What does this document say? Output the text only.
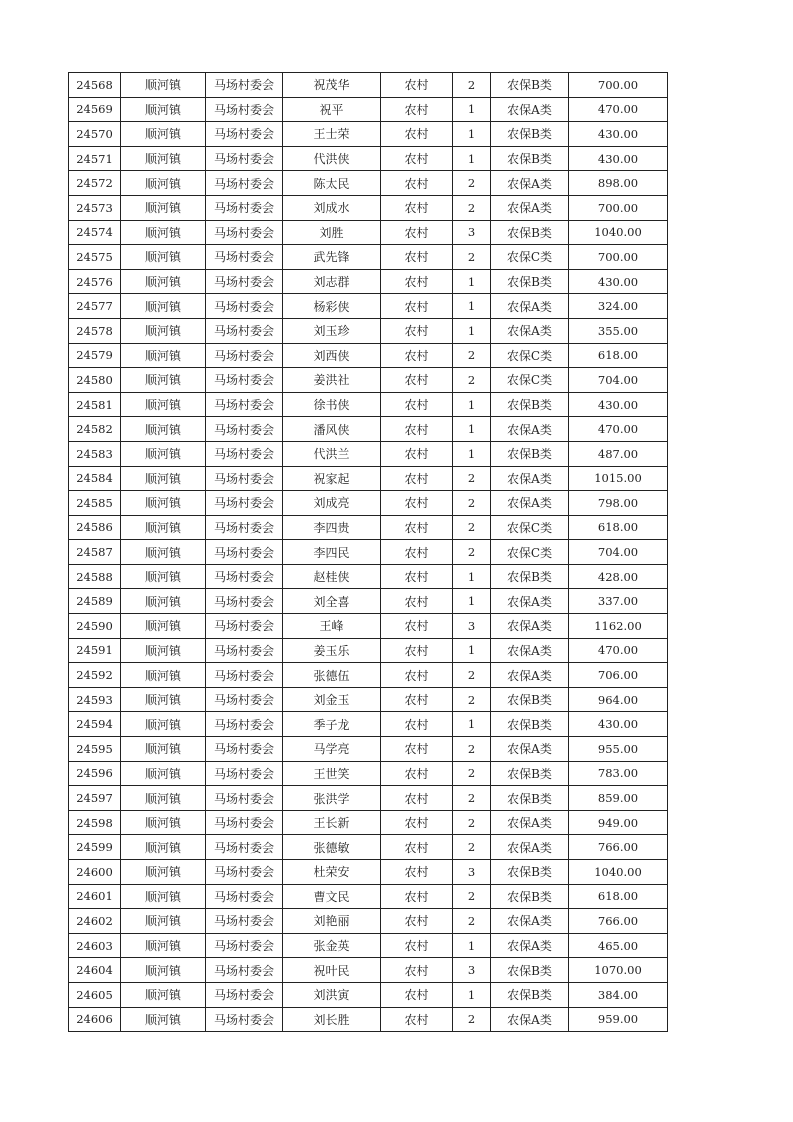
24568	顺河镇	马场村委会	祝茂华	农村	2	农保B类	700.00
24569	顺河镇	马场村委会	祝平	农村	1	农保A类	470.00
24570	顺河镇	马场村委会	王士荣	农村	1	农保B类	430.00
24571	顺河镇	马场村委会	代洪侠	农村	1	农保B类	430.00
24572	顺河镇	马场村委会	陈太民	农村	2	农保A类	898.00
24573	顺河镇	马场村委会	刘成水	农村	2	农保A类	700.00
24574	顺河镇	马场村委会	刘胜	农村	3	农保B类	1040.00
24575	顺河镇	马场村委会	武先锋	农村	2	农保C类	700.00
24576	顺河镇	马场村委会	刘志群	农村	1	农保B类	430.00
24577	顺河镇	马场村委会	杨彩侠	农村	1	农保A类	324.00
24578	顺河镇	马场村委会	刘玉珍	农村	1	农保A类	355.00
24579	顺河镇	马场村委会	刘西侠	农村	2	农保C类	618.00
24580	顺河镇	马场村委会	姜洪社	农村	2	农保C类	704.00
24581	顺河镇	马场村委会	徐书侠	农村	1	农保B类	430.00
24582	顺河镇	马场村委会	潘风侠	农村	1	农保A类	470.00
24583	顺河镇	马场村委会	代洪兰	农村	1	农保B类	487.00
24584	顺河镇	马场村委会	祝家起	农村	2	农保A类	1015.00
24585	顺河镇	马场村委会	刘成亮	农村	2	农保A类	798.00
24586	顺河镇	马场村委会	李四贵	农村	2	农保C类	618.00
24587	顺河镇	马场村委会	李四民	农村	2	农保C类	704.00
24588	顺河镇	马场村委会	赵桂侠	农村	1	农保B类	428.00
24589	顺河镇	马场村委会	刘全喜	农村	1	农保A类	337.00
24590	顺河镇	马场村委会	王峰	农村	3	农保A类	1162.00
24591	顺河镇	马场村委会	姜玉乐	农村	1	农保A类	470.00
24592	顺河镇	马场村委会	张德伍	农村	2	农保A类	706.00
24593	顺河镇	马场村委会	刘金玉	农村	2	农保B类	964.00
24594	顺河镇	马场村委会	季子龙	农村	1	农保B类	430.00
24595	顺河镇	马场村委会	马学亮	农村	2	农保A类	955.00
24596	顺河镇	马场村委会	王世笑	农村	2	农保B类	783.00
24597	顺河镇	马场村委会	张洪学	农村	2	农保B类	859.00
24598	顺河镇	马场村委会	王长新	农村	2	农保A类	949.00
24599	顺河镇	马场村委会	张德敏	农村	2	农保A类	766.00
24600	顺河镇	马场村委会	杜荣安	农村	3	农保B类	1040.00
24601	顺河镇	马场村委会	曹文民	农村	2	农保B类	618.00
24602	顺河镇	马场村委会	刘艳丽	农村	2	农保A类	766.00
24603	顺河镇	马场村委会	张金英	农村	1	农保A类	465.00
24604	顺河镇	马场村委会	祝叶民	农村	3	农保B类	1070.00
24605	顺河镇	马场村委会	刘洪寅	农村	1	农保B类	384.00
24606	顺河镇	马场村委会	刘长胜	农村	2	农保A类	959.00
